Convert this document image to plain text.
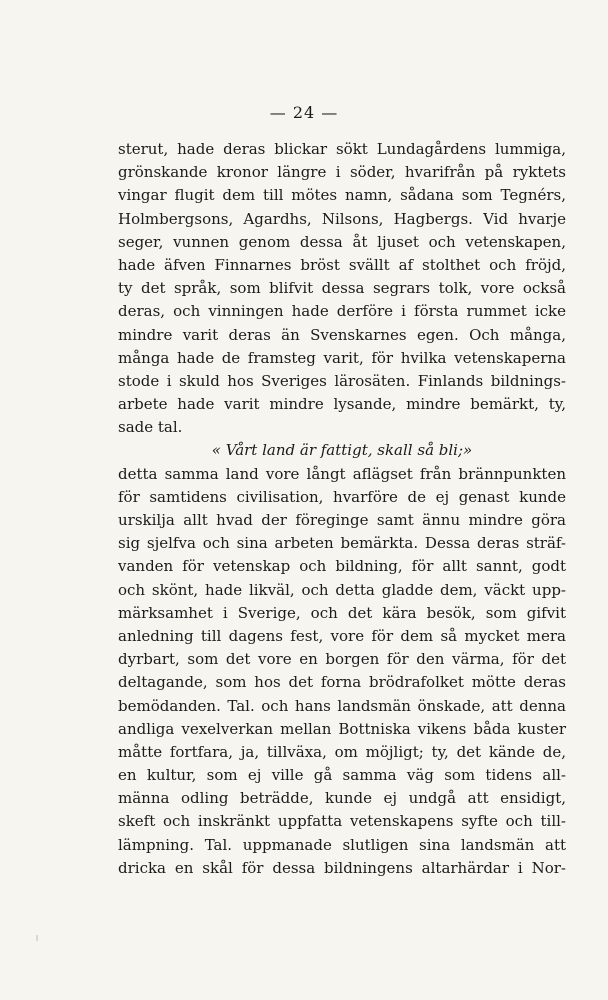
— 24 —
sterut, hade deras blickar sökt Lundagårdens lummiga,
grönskande kronor längre i söder, hvarifrån på ryktets
vingar flugit dem till mötes namn, sådana som Tegnérs,
Holmbergsons, Agardhs, Nilsons, Hagbergs. Vid hvarje
seger, vunnen genom dessa åt ljuset och vetenskapen,
hade äfven Finnarnes bröst svällt af stolthet och fröjd,
ty det språk, som blifvit dessa segrars tolk, vore också
deras, och vinningen hade derföre i första rummet icke
mindre varit deras än Svenskarnes egen. Och många,
många hade de framsteg varit, för hvilka vetenskaperna
stode i skuld hos Sveriges lärosäten. Finlands bildnings-
arbete hade varit mindre lysande, mindre bemärkt, ty,
sade tal.
« Vårt land är fattigt, skall så bli;»
detta samma land vore långt aflägset från brännpunkten
för samtidens civilisation, hvarföre de ej genast kunde
urskilja allt hvad der föreginge samt ännu mindre göra
sig sjelfva och sina arbeten bemärkta. Dessa deras sträf-
vanden för vetenskap och bildning, för allt sannt, godt
och skönt, hade likväl, och detta gladde dem, väckt upp-
märksamhet i Sverige, och det kära besök, som gifvit
anledning till dagens fest, vore för dem så mycket mera
dyrbart, som det vore en borgen för den värma, för det
deltagande, som hos det forna brödrafolket mötte deras
bemödanden. Tal. och hans landsmän önskade, att denna
andliga vexelverkan mellan Bottniska vikens båda kuster
måtte fortfara, ja, tillväxa, om möjligt; ty, det kände de,
en kultur, som ej ville gå samma väg som tidens all-
männa odling beträdde, kunde ej undgå att ensidigt,
skeft och inskränkt uppfatta vetenskapens syfte och till-
lämpning. Tal. uppmanade slutligen sina landsmän att
dricka en skål för dessa bildningens altarhärdar i Nor-
